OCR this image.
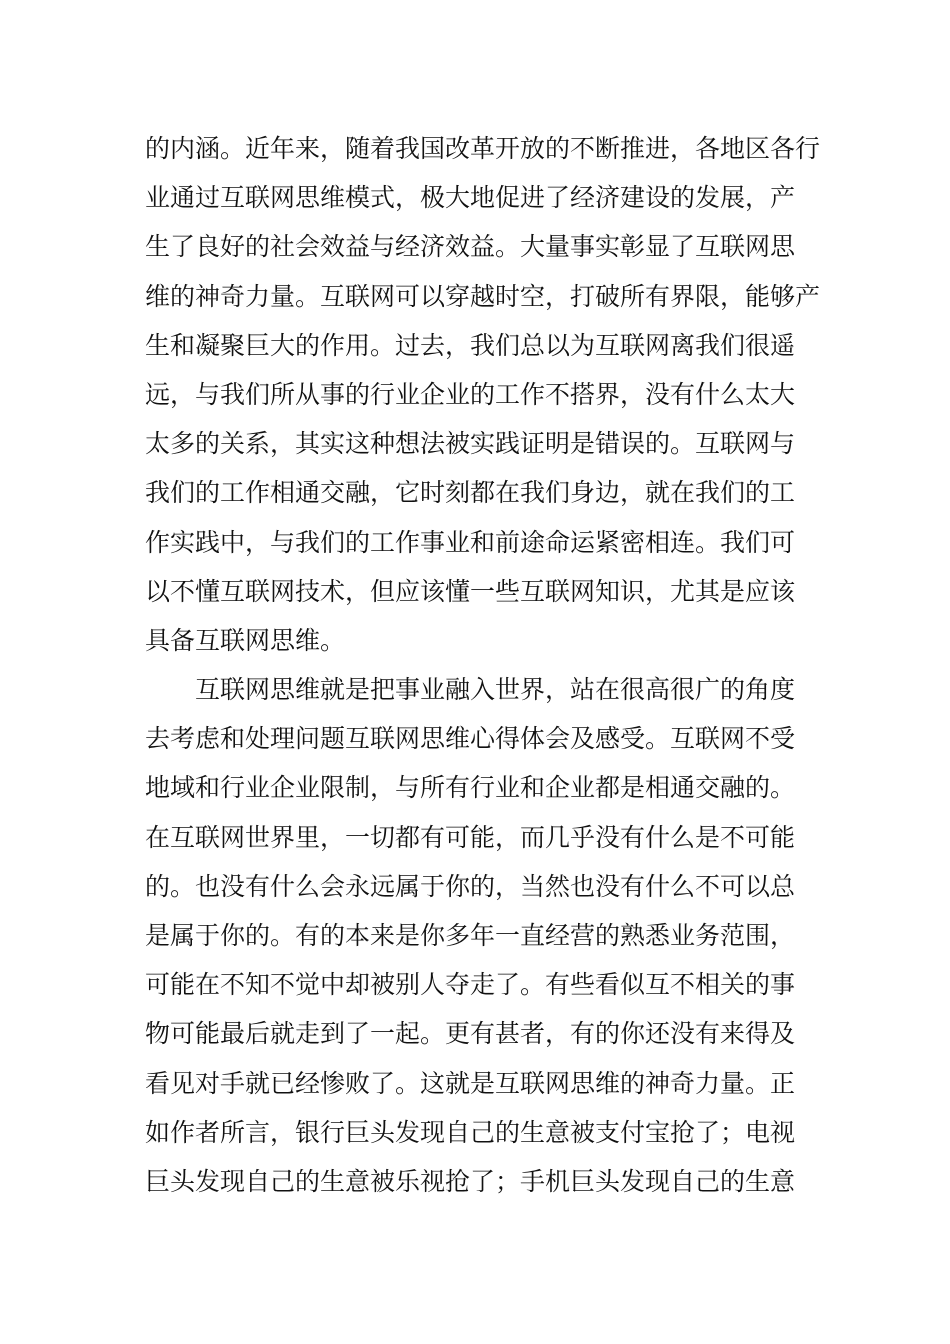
的内涵。近年来，随着我国改革开放的不断推进，各地区各行
业通过互联网思维模式，极大地促进了经济建设的发展，产
生了良好的社会效益与经济效益。大量事实彰显了互联网思
维的神奇力量。互联网可以穿越时空，打破所有界限，能够产
生和凝聚巨大的作用。过去，我们总以为互联网离我们很遥
远，与我们所从事的行业企业的工作不搭界，没有什么太大
太多的关系，其实这种想法被实践证明是错误的。互联网与
我们的工作相通交融，它时刻都在我们身边，就在我们的工
作实践中，与我们的工作事业和前途命运紧密相连。我们可
以不懂互联网技术，但应该懂一些互联网知识，尤其是应该
具备互联网思维。
互联网思维就是把事业融入世界，站在很高很广的角度
去考虑和处理问题互联网思维心得体会及感受。互联网不受
地域和行业企业限制，与所有行业和企业都是相通交融的。
在互联网世界里，一切都有可能，而几乎没有什么是不可能
的。也没有什么会永远属于你的，当然也没有什么不可以总
是属于你的。有的本来是你多年一直经营的熟悉业务范围，
可能在不知不觉中却被别人夺走了。有些看似互不相关的事
物可能最后就走到了一起。更有甚者，有的你还没有来得及
看见对手就已经惨败了。这就是互联网思维的神奇力量。正
如作者所言，银行巨头发现自己的生意被支付宝抢了；电视
巨头发现自己的生意被乐视抢了；手机巨头发现自己的生意
